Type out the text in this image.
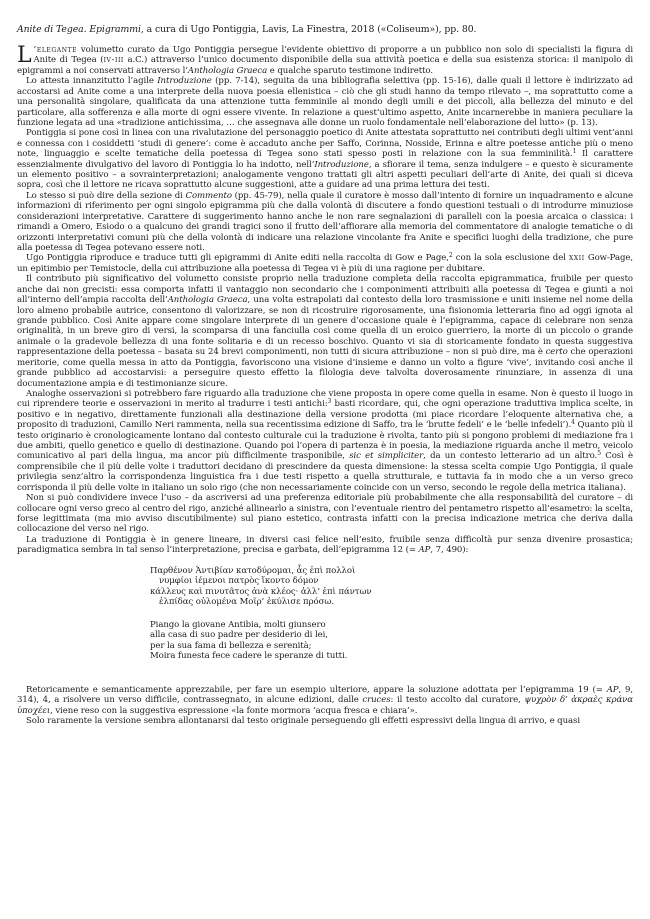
Anite di Tegea. Epigrammi, a cura di Ugo Pontiggia, Lavis, La Finestra, 2018 («Coliseum»), pp. 80.

L ’elegante volumetto curato da Ugo Pontiggia persegue l’evidente obiettivo di proporre a un pubblico non solo di specialisti la figura di Anite di Tegea (iv-iii a.C.) attraverso l’unico documento disponibile della sua attività poetica e della sua esistenza storica: il manipolo di epigrammi a noi conservati attraverso l’Anthologia Graeca e qualche sparuto testimone indiretto.

Lo attesta innanzitutto l’agile Introduzione (pp. 7-14), seguita da una bibliografia selettiva (pp. 15-16), dalle quali il lettore è indirizzato ad accostarsi ad Anite come a una interprete della nuova poesia ellenistica – ciò che gli studi hanno da tempo rilevato –, ma soprattutto come a una personalità singolare, qualificata da una attenzione tutta femminile al mondo degli umili e dei piccoli, alla bellezza del minuto e del particolare, alla sofferenza e alla morte di ogni essere vivente. In relazione a quest’ultimo aspetto, Anite incarnerebbe in maniera peculiare la funzione legata ad una «tradizione antichissima, … che assegnava alle donne un ruolo fondamentale nell’elaborazione del lutto» (p. 13).

Pontiggia si pone così in linea con una rivalutazione del personaggio poetico di Anite attestata soprattutto nei contributi degli ultimi vent’anni e connessa con i cosiddetti ‘studi di genere’: come è accaduto anche per Saffo, Corinna, Nosside, Erinna e altre poetesse antiche più o meno note, linguaggio e scelte tematiche della poetessa di Tegea sono stati spesso posti in relazione con la sua femminilità.$^1$ Il carattere essenzialmente divulgativo del lavoro di Pontiggia lo ha indotto, nell’Introduzione, a sfiorare il tema, senza indulgere – e questo è sicuramente un elemento positivo – a sovrainterpretazioni; analogamente vengono trattati gli altri aspetti peculiari dell’arte di Anite, dei quali si diceva sopra, così che il lettore ne ricava soprattutto alcune suggestioni, atte a guidare ad una prima lettura dei testi.

Lo stesso si può dire della sezione di Commento (pp. 45-79), nella quale il curatore è mosso dall’intento di fornire un inquadramento e alcune informazioni di riferimento per ogni singolo epigramma più che dalla volontà di discutere a fondo questioni testuali o di introdurre minuziose considerazioni interpretative. Carattere di suggerimento hanno anche le non rare segnalazioni di paralleli con la poesia arcaica o classica: i rimandi a Omero, Esiodo o a qualcuno dei grandi tragici sono il frutto dell’affiorare alla memoria del commentatore di analogie tematiche o di orizzonti interpretativi comuni più che della volontà di indicare una relazione vincolante fra Anite e specifici luoghi della tradizione, che pure alla poetessa di Tegea potevano essere noti.

Ugo Pontiggia riproduce e traduce tutti gli epigrammi di Anite editi nella raccolta di Gow e Page,$^2$ con la sola esclusione del xxii Gow-Page, un epitimbio per Temistocle, della cui attribuzione alla poetessa di Tegea vi è più di una ragione per dubitare.

Il contributo più significativo del volumetto consiste proprio nella traduzione completa della raccolta epigrammatica, fruibile per questo anche dai non grecisti: essa comporta infatti il vantaggio non secondario che i componimenti attribuiti alla poetessa di Tegea e giunti a noi all’interno dell’ampia raccolta dell’Anthologia Graeca, una volta estrapolati dal contesto della loro trasmissione e uniti insieme nel nome della loro almeno probabile autrice, consentono di valorizzare, se non di ricostruire rigorosamente, una fisionomia letteraria fino ad oggi ignota al grande pubblico. Così Anite appare come singolare interprete di un genere d’occasione quale è l’epigramma, capace di celebrare non senza originalità, in un breve giro di versi, la scomparsa di una fanciulla così come quella di un eroico guerriero, la morte di un piccolo o grande animale o la gradevole bellezza di una fonte solitaria e di un recesso boschivo. Quanto vi sia di storicamente fondato in questa suggestiva rappresentazione della poetessa – basata su 24 brevi componimenti, non tutti di sicura attribuzione – non si può dire, ma è certo che operazioni meritorie, come quella messa in atto da Pontiggia, favoriscono una visione d’insieme e danno un volto a figure ‘vive’, invitando così anche il grande pubblico ad accostarvisi: a perseguire questo effetto la filologia deve talvolta doverosamente rinunziare, in assenza di una documentazione ampia e di testimonianze sicure.

Analoghe osservazioni si potrebbero fare riguardo alla traduzione che viene proposta in opere come quella in esame. Non è questo il luogo in cui riprendere teorie e osservazioni in merito al tradurre i testi antichi:$^3$ basti ricordare, qui, che ogni operazione traduttiva implica scelte, in positivo e in negativo, direttamente funzionali alla destinazione della versione prodotta (mi piace ricordare l’eloquente alternativa che, a proposito di traduzioni, Camillo Neri rammenta, nella sua recentissima edizione di Saffo, tra le ‘brutte fedeli’ e le ‘belle infedeli’).$^4$ Quanto più il testo originario è cronologicamente lontano dal contesto culturale cui la traduzione è rivolta, tanto più si pongono problemi di mediazione fra i due ambiti, quello genetico e quello di destinazione. Quando poi l’opera di partenza è in poesia, la mediazione riguarda anche il metro, veicolo comunicativo al pari della lingua, ma ancor più difficilmente trasponibile, sic et simpliciter, da un contesto letterario ad un altro.$^5$ Così è comprensibile che il più delle volte i traduttori decidano di prescindere da questa dimensione: la stessa scelta compie Ugo Pontiggia, il quale privilegia senz’altro la corrispondenza linguistica fra i due testi rispetto a quella strutturale, e tuttavia fa in modo che a un verso greco corrisponda il più delle volte in italiano un solo rigo (che non necessariamente coincide con un verso, secondo le regole della metrica italiana).

Non si può condividere invece l’uso – da ascriversi ad una preferenza editoriale più probabilmente che alla responsabilità del curatore – di collocare ogni verso greco al centro del rigo, anziché allinearlo a sinistra, con l’eventuale rientro del pentametro rispetto all’esametro: la scelta, forse legittimata (ma mio avviso discutibilmente) sul piano estetico, contrasta infatti con la precisa indicazione metrica che deriva dalla collocazione del verso nel rigo.

La traduzione di Pontiggia è in genere lineare, in diversi casi felice nell’esito, fruibile senza difficoltà pur senza divenire prosastica; paradigmatica sembra in tal senso l’interpretazione, precisa e garbata, dell’epigramma 12 (= AP, 7, 490):

Παρθένον Ἀντιβίαν κατοδύρομαι, ἇς ἐπὶ πολλοὶ
νυμφίοι ἱέμενοι πατρὸς ἵκοντο δόμον
κάλλευς καὶ πινυτᾶτος ἀνὰ κλέος· ἀλλ’ ἐπὶ πάντων
ἐλπίδας οὐλομένα Μοῖρ’ ἐκύλισε πρόσω.
Piango la giovane Antibia, molti giunsero
alla casa di suo padre per desiderio di lei,
per la sua fama di bellezza e serenità;
Moira funesta fece cadere le speranze di tutti.

Retoricamente e semanticamente apprezzabile, per fare un esempio ulteriore, appare la soluzione adottata per l’epigramma 19 (= AP, 9, 314), 4, a risolvere un verso difficile, contrassegnato, in alcune edizioni, dalle cruces: il testo accolto dal curatore, ψυχρὸν δ’ ἀκραὲς κράνα ὑποχέει, viene reso con la suggestiva espressione «la fonte mormora ‘acqua fresca e chiara’».

Solo raramente la versione sembra allontanarsi dal testo originale perseguendo gli effetti espressivi della lingua di arrivo, e quasi
